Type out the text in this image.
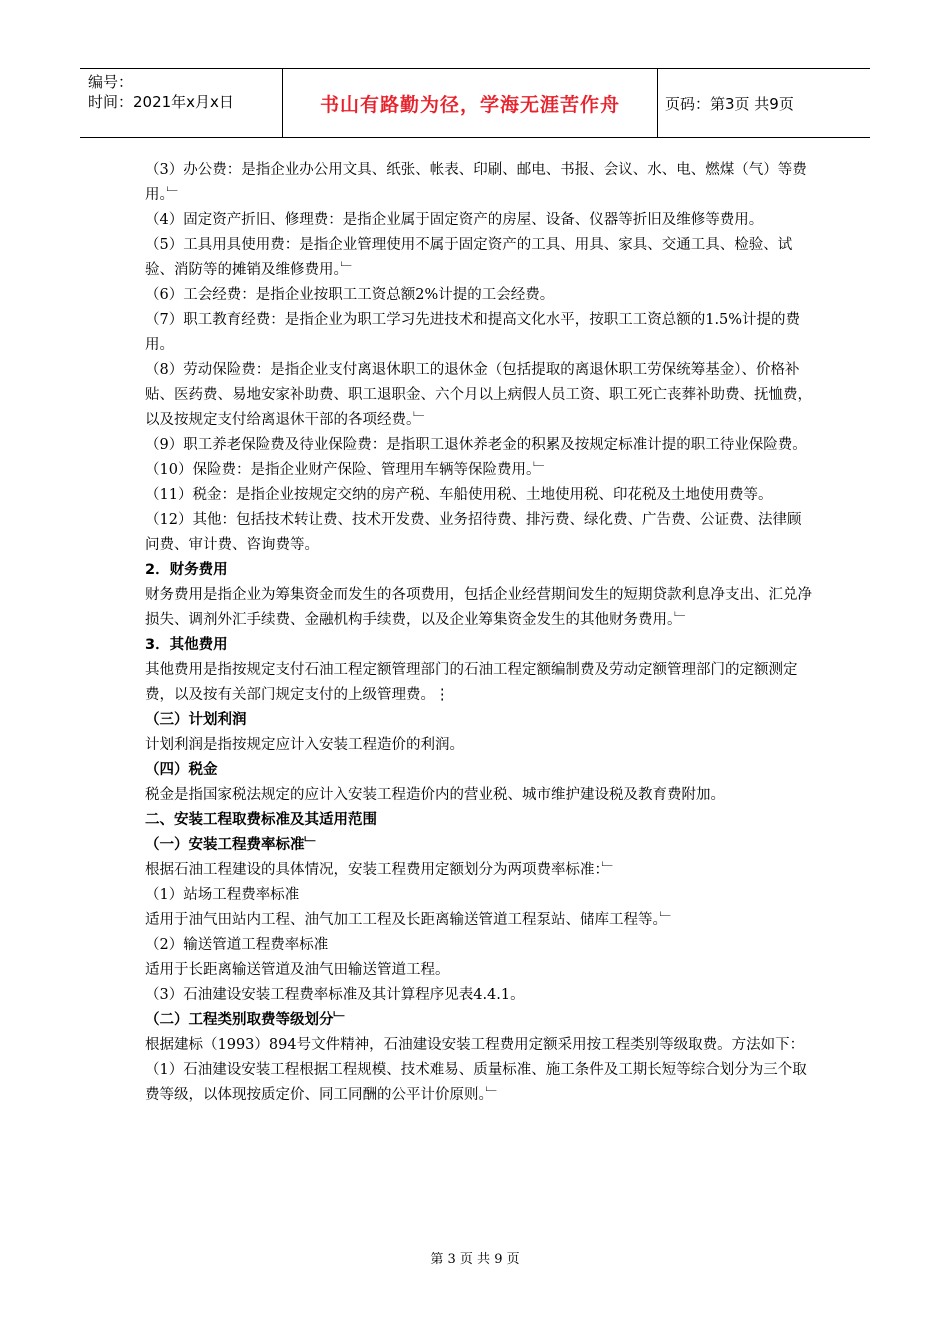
编号：
时间：2021年x月x日	书山有路勤为径，学海无涯苦作舟	页码：第3页 共9页

（3）办公费：是指企业办公用文具、纸张、帐表、印刷、邮电、书报、会议、水、电、燃煤（气）等费用。﹂

（4）固定资产折旧、修理费：是指企业属于固定资产的房屋、设备、仪器等折旧及维修等费用。

（5）工具用具使用费：是指企业管理使用不属于固定资产的工具、用具、家具、交通工具、检验、试验、消防等的摊销及维修费用。﹂

（6）工会经费：是指企业按职工工资总额2%计提的工会经费。

（7）职工教育经费：是指企业为职工学习先进技术和提高文化水平，按职工工资总额的1.5%计提的费用。

（8）劳动保险费：是指企业支付离退休职工的退休金（包括提取的离退休职工劳保统筹基金）、价格补贴、医药费、易地安家补助费、职工退职金、六个月以上病假人员工资、职工死亡丧葬补助费、抚恤费，以及按规定支付给离退休干部的各项经费。﹂

（9）职工养老保险费及待业保险费：是指职工退休养老金的积累及按规定标准计提的职工待业保险费。

（10）保险费：是指企业财产保险、管理用车辆等保险费用。﹂

（11）税金：是指企业按规定交纳的房产税、车船使用税、土地使用税、印花税及土地使用费等。

（12）其他：包括技术转让费、技术开发费、业务招待费、排污费、绿化费、广告费、公证费、法律顾问费、审计费、咨询费等。

2．财务费用

财务费用是指企业为筹集资金而发生的各项费用，包括企业经营期间发生的短期贷款利息净支出、汇兑净损失、调剂外汇手续费、金融机构手续费，以及企业筹集资金发生的其他财务费用。﹂

3．其他费用

其他费用是指按规定支付石油工程定额管理部门的石油工程定额编制费及劳动定额管理部门的定额测定费，以及按有关部门规定支付的上级管理费。⋮

（三）计划利润

计划利润是指按规定应计入安装工程造价的利润。

（四）税金

税金是指国家税法规定的应计入安装工程造价内的营业税、城市维护建设税及教育费附加。

二、安装工程取费标准及其适用范围

（一）安装工程费率标准﹂

根据石油工程建设的具体情况，安装工程费用定额划分为两项费率标准：﹂

（1）站场工程费率标准

适用于油气田站内工程、油气加工工程及长距离输送管道工程泵站、储库工程等。﹂

（2）输送管道工程费率标准

适用于长距离输送管道及油气田输送管道工程。

（3）石油建设安装工程费率标准及其计算程序见表4.4.1。

（二）工程类别取费等级划分﹂

根据建标（1993）894号文件精神，石油建设安装工程费用定额采用按工程类别等级取费。方法如下：

（1）石油建设安装工程根据工程规模、技术难易、质量标准、施工条件及工期长短等综合划分为三个取费等级，以体现按质定价、同工同酬的公平计价原则。﹂

第 3 页 共 9 页
